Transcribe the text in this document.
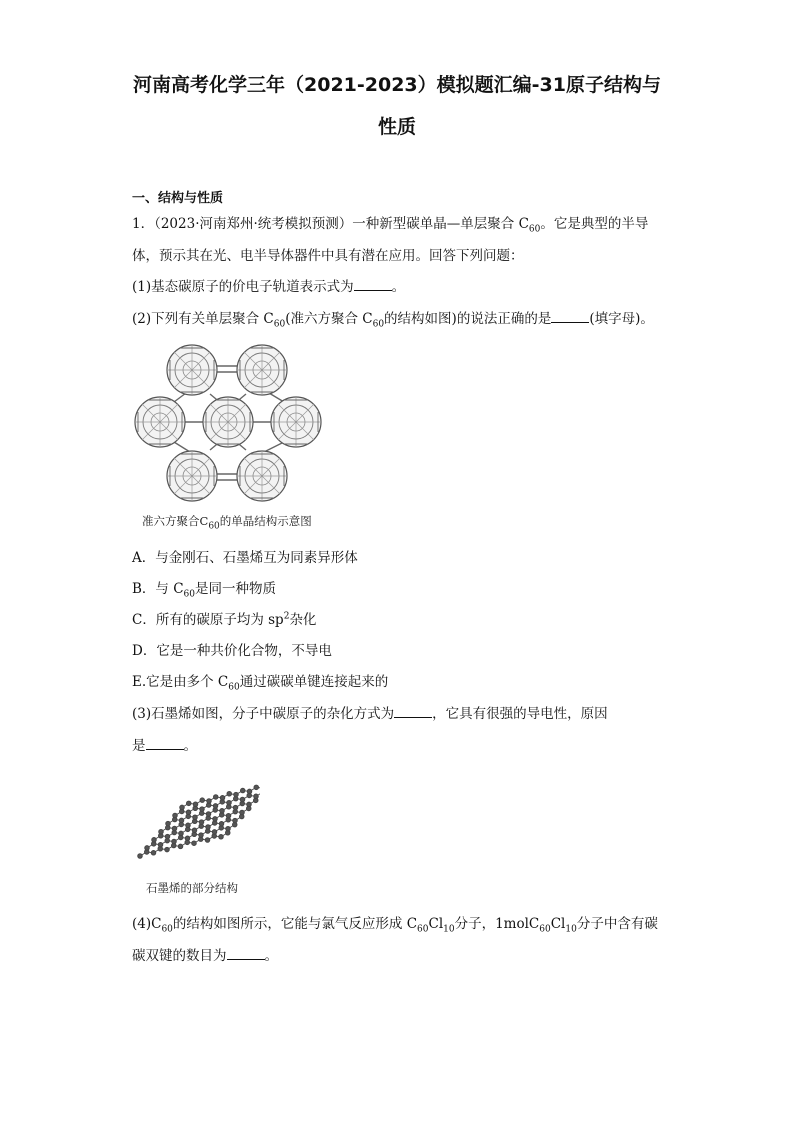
河南高考化学三年（2021-2023）模拟题汇编-31原子结构与
性质
一、结构与性质
1．（2023·河南郑州·统考模拟预测）一种新型碳单晶—单层聚合 $C_{60}$。它是典型的半导
体，预示其在光、电半导体器件中具有潜在应用。回答下列问题：
(1)基态碳原子的价电子轨道表示式为	。
(2)下列有关单层聚合 $C_{60}$(准六方聚合 $C_{60}$的结构如图)的说法正确的是	(填字母)。
准六方聚合$C_{60}$的单晶结构示意图
A．与金刚石、石墨烯互为同素异形体
B．与 $C_{60}$是同一种物质
C．所有的碳原子均为 $sp^2$杂化
D．它是一种共价化合物，不导电
E.它是由多个 $C_{60}$通过碳碳单键连接起来的
(3)石墨烯如图，分子中碳原子的杂化方式为	，它具有很强的导电性，原因
是	。
石墨烯的部分结构
$(4)C_{60}$的结构如图所示，它能与氯气反应形成 $C_{60}Cl_{10}$分子，$1molC_{60}Cl_{10}$分子中含有碳
碳双键的数目为	。
